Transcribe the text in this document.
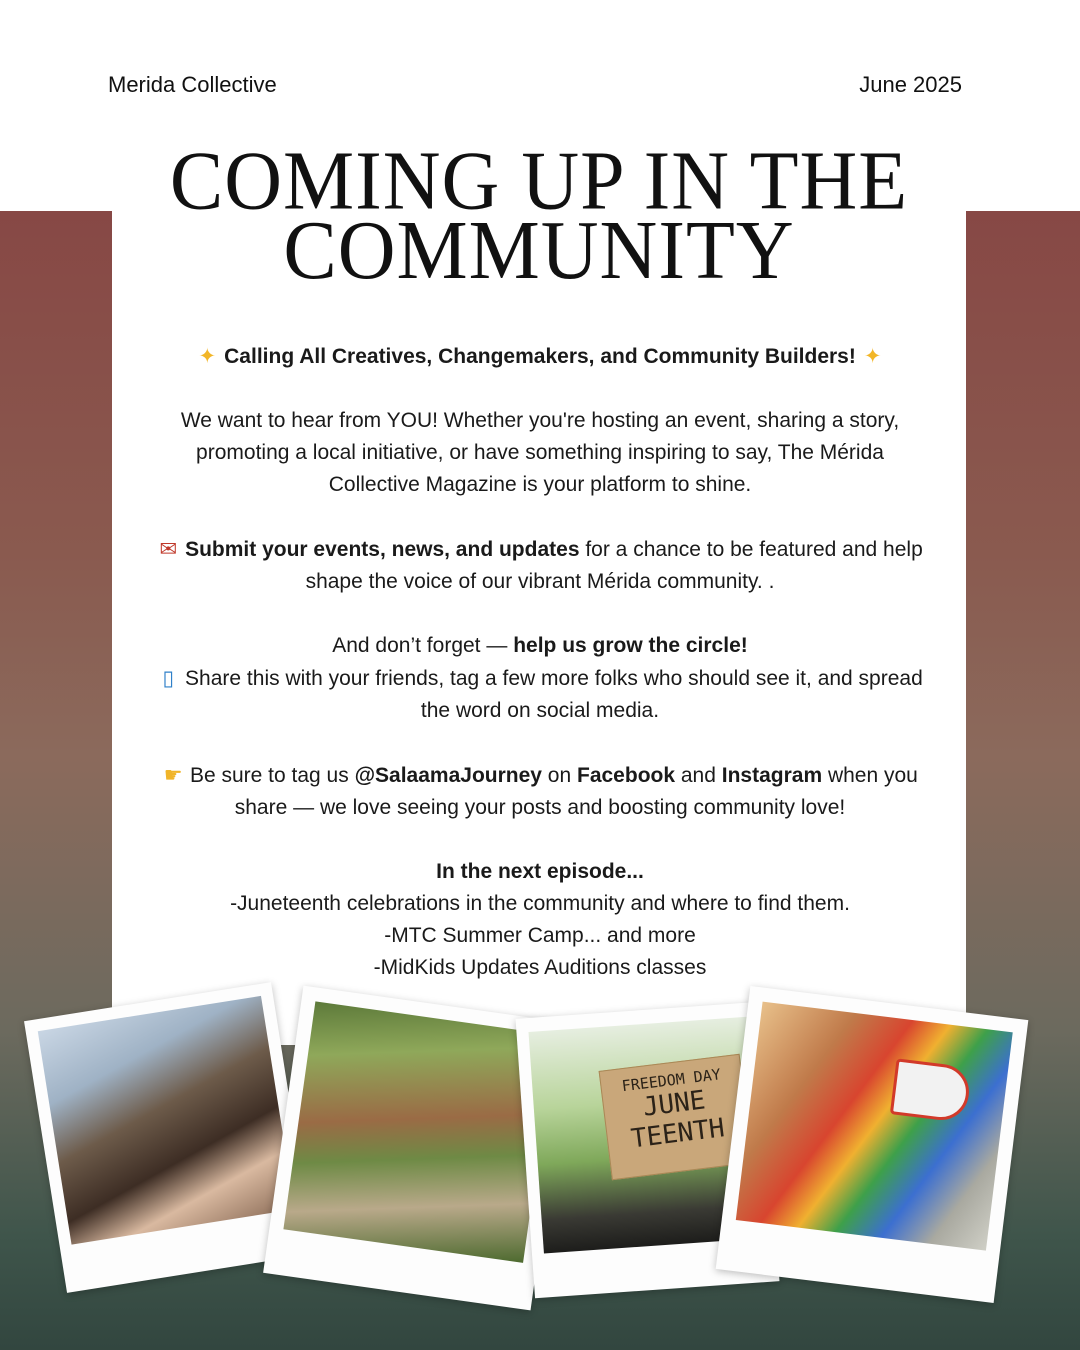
Merida Collective	June 2025
COMING UP IN THE
COMMUNITY

✦ Calling All Creatives, Changemakers, and Community Builders! ✦

We want to hear from YOU! Whether you're hosting an event, sharing a story, promoting a local initiative, or have something inspiring to say, The Mérida Collective Magazine is your platform to shine.

✉ Submit your events, news, and updates for a chance to be featured and help shape the voice of our vibrant Mérida community. .

And don’t forget — help us grow the circle!
▯ Share this with your friends, tag a few more folks who should see it, and spread the word on social media.

☛ Be sure to tag us @SalaamaJourney on Facebook and Instagram when you share — we love seeing your posts and boosting community love!

In the next episode...

-Juneteenth celebrations in the community and where to find them.

-MTC Summer Camp... and more

-MidKids Updates Auditions classes

FREEDOM DAY
JUNE
TEENTH
